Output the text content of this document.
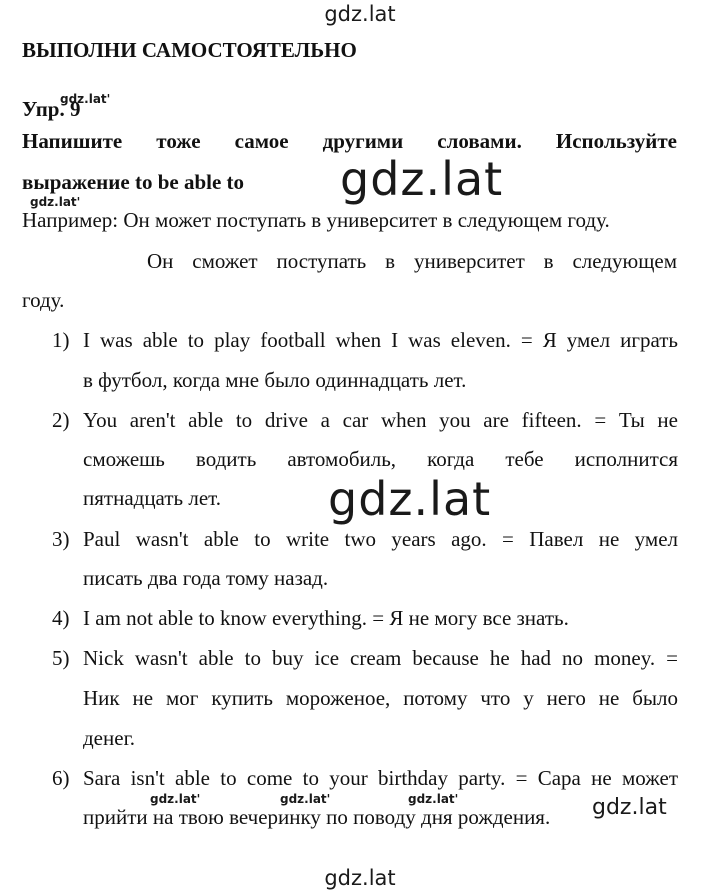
gdz.lat
gdz.lat'
gdz.lat'	gdz.lat
gdz.lat
gdz.lat'	gdz.lat'	gdz.lat'	gdz.lat
gdz.lat
ВЫПОЛНИ САМОСТОЯТЕЛЬНО
Упр. 9
Напишите тоже самое другими словами. Используйте
выражение to be able to
Например: Он может поступать в университет в следующем году.
Он сможет поступать в университет в следующем
году.
1) I was able to play football when I was eleven. = Я умел играть
в футбол, когда мне было одиннадцать лет.
2) You aren't able to drive a car when you are fifteen. = Ты не
сможешь водить автомобиль, когда тебе исполнится
пятнадцать лет.
3) Paul wasn't able to write two years ago. = Павел не умел
писать два года тому назад.
4) I am not able to know everything. = Я не могу все знать.
5) Nick wasn't able to buy ice cream because he had no money. =
Ник не мог купить мороженое, потому что у него не было
денег.
6) Sara isn't able to come to your birthday party. = Сара не может
прийти на твою вечеринку по поводу дня рождения.
